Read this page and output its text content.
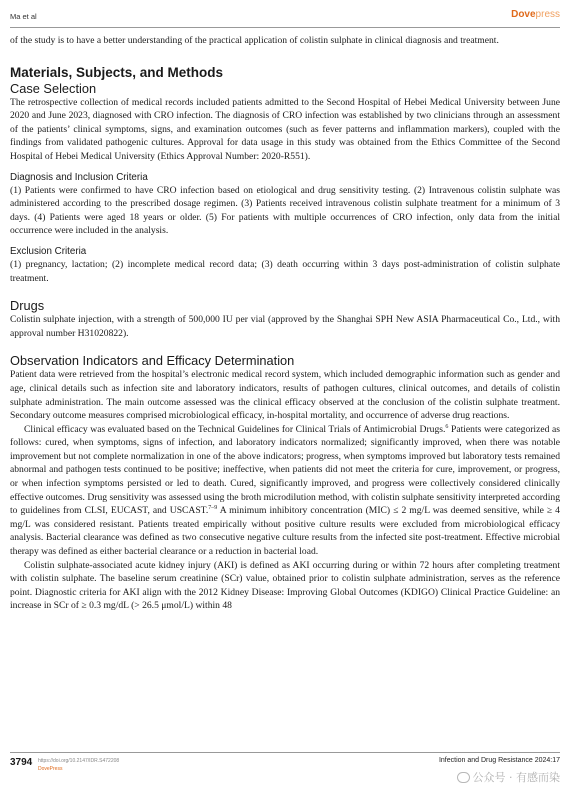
Ma et al	Dovepress

of the study is to have a better understanding of the practical application of colistin sulphate in clinical diagnosis and treatment.

Materials, Subjects, and Methods
Case Selection

The retrospective collection of medical records included patients admitted to the Second Hospital of Hebei Medical University between June 2020 and June 2023, diagnosed with CRO infection. The diagnosis of CRO infection was established by two clinicians through an assessment of the patients’ clinical symptoms, signs, and examination outcomes (such as fever patterns and inflammation markers), coupled with the findings from validated pathogenic cultures. Approval for data usage in this study was obtained from the Ethics Committee of the Second Hospital of Hebei Medical University (Ethics Approval Number: 2020-R551).

Diagnosis and Inclusion Criteria

(1) Patients were confirmed to have CRO infection based on etiological and drug sensitivity testing. (2) Intravenous colistin sulphate was administered according to the prescribed dosage regimen. (3) Patients received intravenous colistin sulphate treatment for a minimum of 3 days. (4) Patients were aged 18 years or older. (5) For patients with multiple occurrences of CRO infection, only data from the initial occurrence were included in the analysis.

Exclusion Criteria

(1) pregnancy, lactation; (2) incomplete medical record data; (3) death occurring within 3 days post-administration of colistin sulphate treatment.

Drugs

Colistin sulphate injection, with a strength of 500,000 IU per vial (approved by the Shanghai SPH New ASIA Pharmaceutical Co., Ltd., with approval number H31020822).

Observation Indicators and Efficacy Determination

Patient data were retrieved from the hospital’s electronic medical record system, which included demographic information such as gender and age, clinical details such as infection site and laboratory indicators, results of pathogen cultures, clinical outcomes, and details of colistin sulphate administration. The main outcome assessed was the clinical efficacy observed at the conclusion of the colistin sulphate treatment. Secondary outcome measures comprised microbiological efficacy, in-hospital mortality, and occurrence of adverse drug reactions.

Clinical efficacy was evaluated based on the Technical Guidelines for Clinical Trials of Antimicrobial Drugs.$^6$ Patients were categorized as follows: cured, when symptoms, signs of infection, and laboratory indicators normalized; significantly improved, when there was notable improvement but not complete normalization in one of the above indicators; progress, when symptoms improved but laboratory tests remained abnormal and pathogen tests continued to be positive; ineffective, when patients did not meet the criteria for cure, improvement, or progress, or when infection symptoms persisted or led to death. Cured, significantly improved, and progress were collectively considered clinically effective outcomes. Drug sensitivity was assessed using the broth microdilution method, with colistin sulphate sensitivity interpreted according to guidelines from CLSI, EUCAST, and USCAST.$^{7-9}$ A minimum inhibitory concentration (MIC) ≤ 2 mg/L was deemed sensitive, while ≥ 4 mg/L was considered resistant. Patients treated empirically without positive culture results were excluded from microbiological efficacy analysis. Bacterial clearance was defined as two consecutive negative culture results from the infected site post-treatment. Effective microbial therapy was defined as either bacterial clearance or a reduction in bacterial load.

Colistin sulphate-associated acute kidney injury (AKI) is defined as AKI occurring during or within 72 hours after completing treatment with colistin sulphate. The baseline serum creatinine (SCr) value, obtained prior to colistin sulphate administration, serves as the reference point. Diagnostic criteria for AKI align with the 2012 Kidney Disease: Improving Global Outcomes (KDIGO) Clinical Practice Guideline: an increase in SCr of ≥ 0.3 mg/dL (> 26.5 μmol/L) within 48

3794 https://doi.org/10.2147/IDR.S472208
DovePress
Infection and Drug Resistance 2024:17
公众号 · 有感而染
